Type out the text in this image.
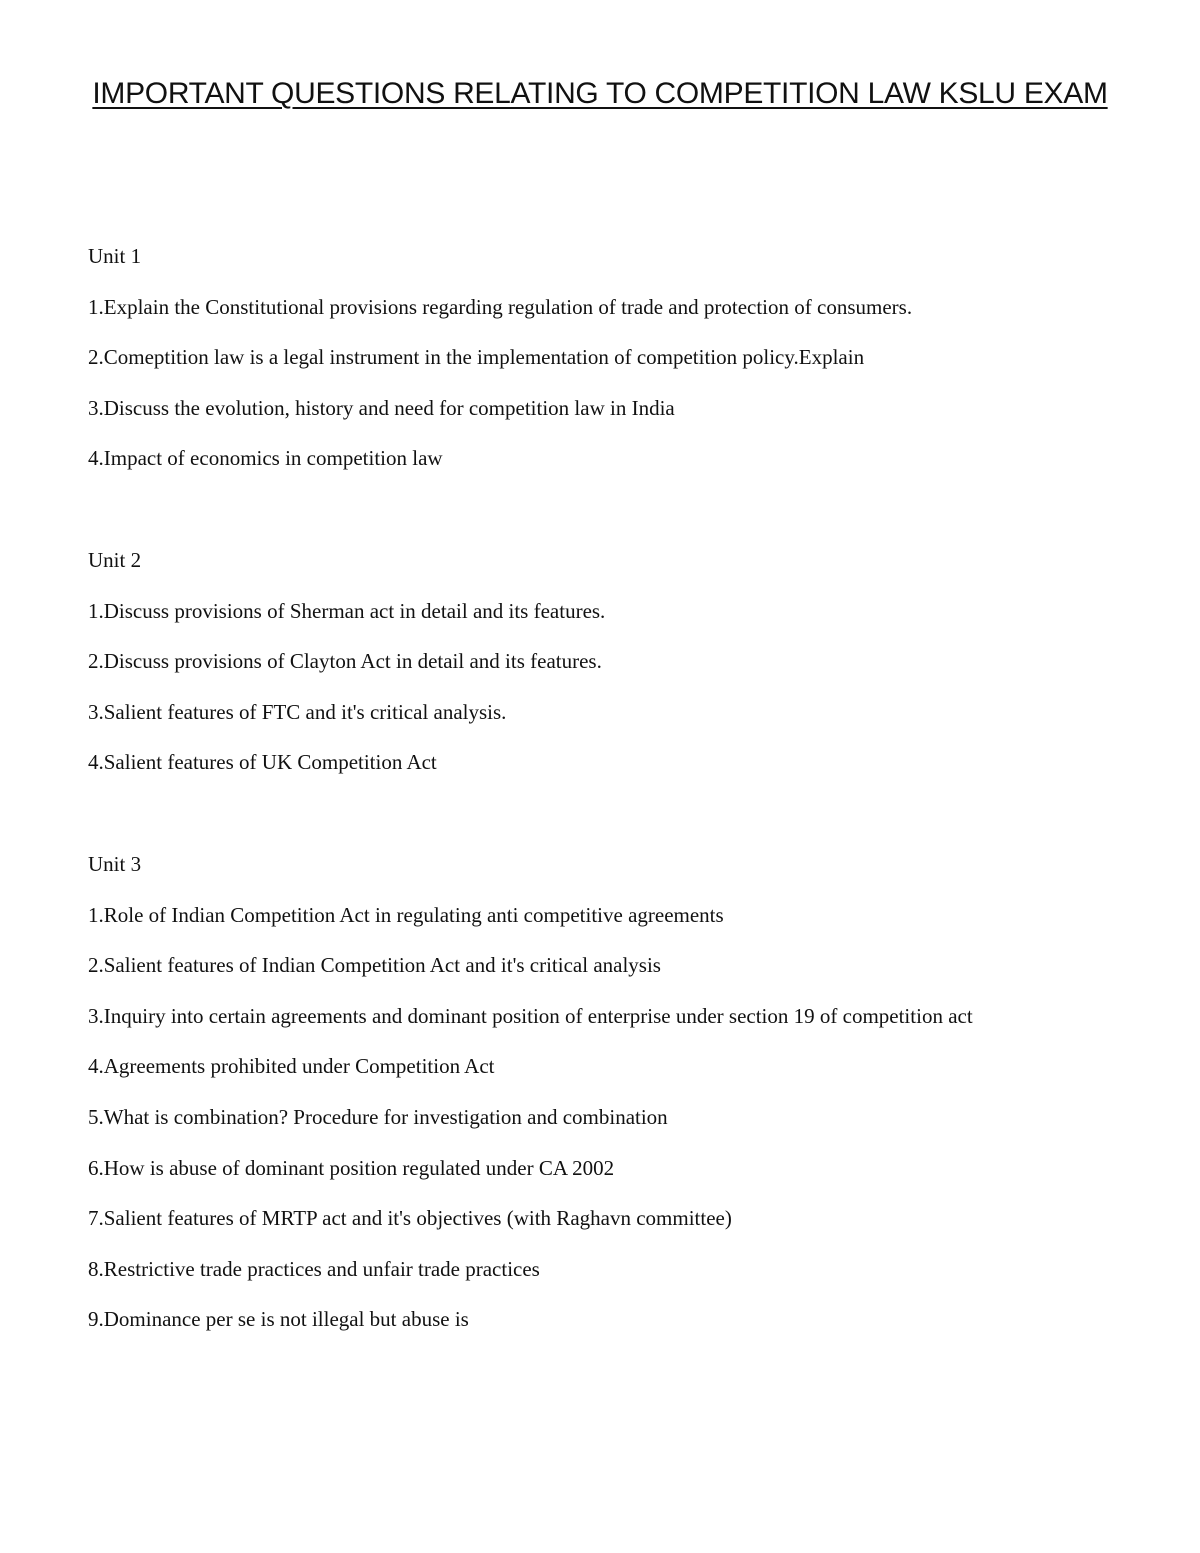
IMPORTANT QUESTIONS RELATING TO COMPETITION LAW KSLU EXAM
Unit 1
1.Explain the Constitutional provisions regarding regulation of trade and protection of consumers.
2.Comeptition law is a legal instrument in the implementation of competition policy.Explain
3.Discuss the evolution, history and need for competition law in India
4.Impact of economics in competition law
Unit 2
1.Discuss provisions of Sherman act in detail and its features.
2.Discuss provisions of Clayton Act in detail and its features.
3.Salient features of FTC and it's critical analysis.
4.Salient features of UK Competition Act
Unit 3
1.Role of Indian Competition Act in regulating anti competitive agreements
2.Salient features of Indian Competition Act and it's critical analysis
3.Inquiry into certain agreements and dominant position of enterprise under section 19 of competition act
4.Agreements prohibited under Competition Act
5.What is combination? Procedure for investigation and combination
6.How is abuse of dominant position regulated under CA 2002
7.Salient features of MRTP act and it's objectives (with Raghavn committee)
8.Restrictive trade practices and unfair trade practices
9.Dominance per se is not illegal but abuse is
